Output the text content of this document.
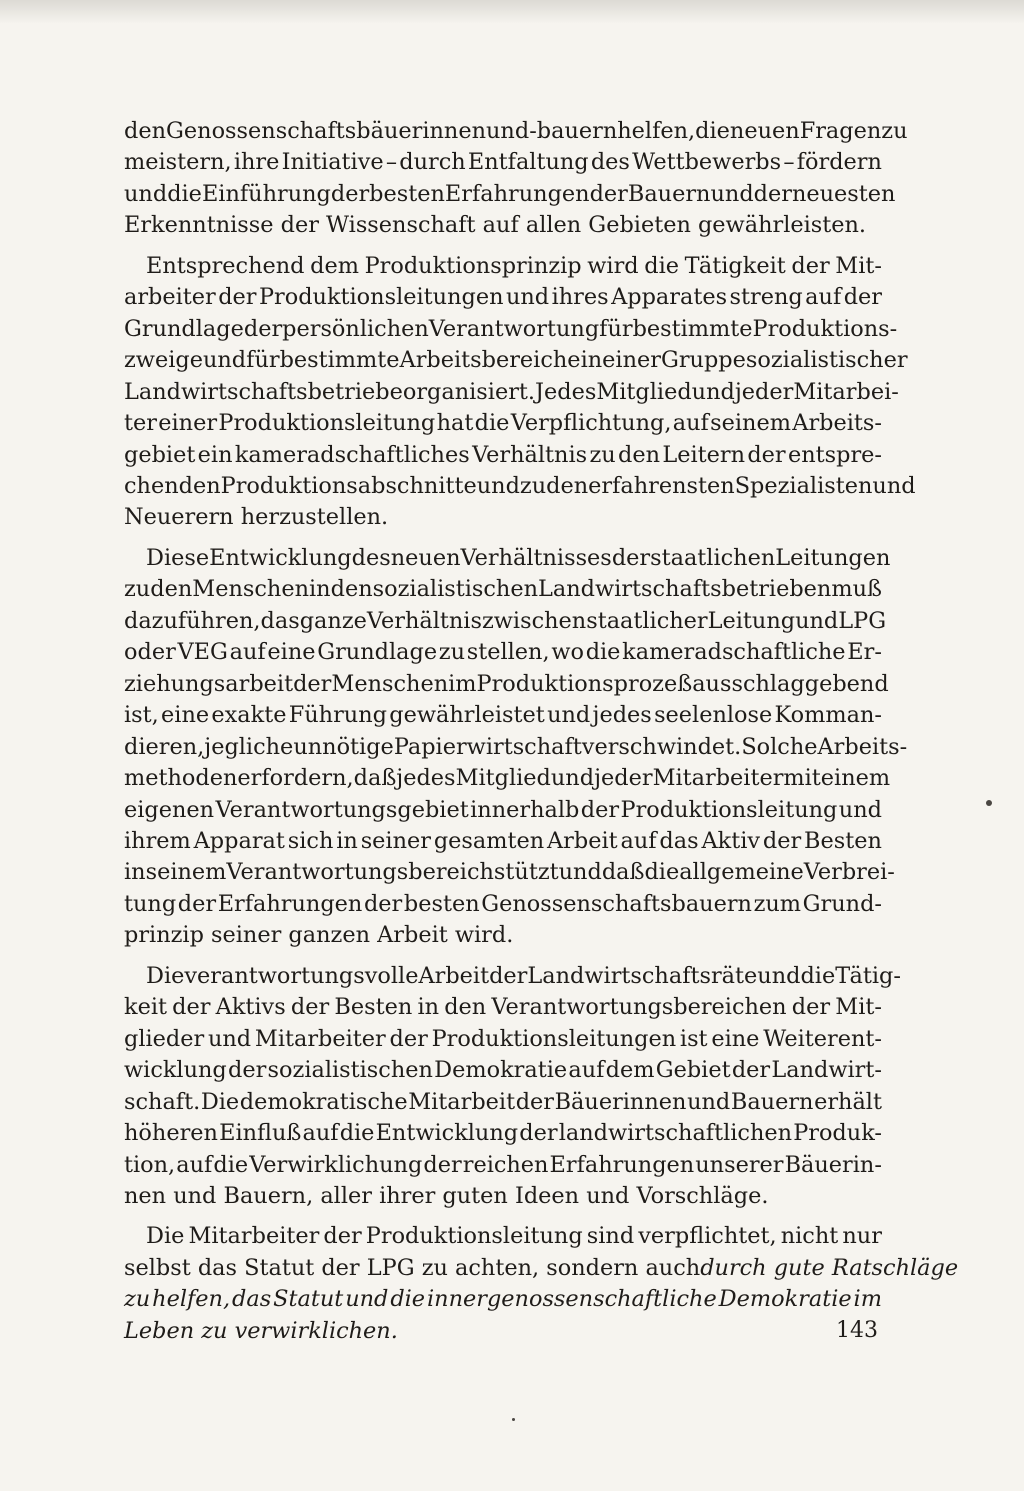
den Genossenschaftsbäuerinnen und -bauern helfen, die neuen Fragen zu
meistern, ihre Initiative – durch Entfaltung des Wettbewerbs – fördern
und die Einführung der besten Erfahrungen der Bauern und der neuesten
Erkenntnisse der Wissenschaft auf allen Gebieten gewährleisten.
Entsprechend dem Produktionsprinzip wird die Tätigkeit der Mit-
arbeiter der Produktionsleitungen und ihres Apparates streng auf der
Grundlage der persönlichen Verantwortung für bestimmte Produktions-
zweige und für bestimmte Arbeitsbereiche in einer Gruppe sozialistischer
Landwirtschaftsbetriebe organisiert. Jedes Mitglied und jeder Mitarbei-
ter einer Produktionsleitung hat die Verpflichtung, auf seinem Arbeits-
gebiet ein kameradschaftliches Verhältnis zu den Leitern der entspre-
chenden Produktionsabschnitte und zu den erfahrensten Spezialisten und
Neuerern herzustellen.
Diese Entwicklung des neuen Verhältnisses der staatlichen Leitungen
zu den Menschen in den sozialistischen Landwirtschaftsbetrieben muß
dazu führen, das ganze Verhältnis zwischen staatlicher Leitung und LPG
oder VEG auf eine Grundlage zu stellen, wo die kameradschaftliche Er-
ziehungsarbeit der Menschen im Produktionsprozeß ausschlaggebend
ist, eine exakte Führung gewährleistet und jedes seelenlose Komman-
dieren, jegliche unnötige Papierwirtschaft verschwindet. Solche Arbeits-
methoden erfordern, daß jedes Mitglied und jeder Mitarbeiter mit einem
eigenen Verantwortungsgebiet innerhalb der Produktionsleitung und
ihrem Apparat sich in seiner gesamten Arbeit auf das Aktiv der Besten
in seinem Verantwortungsbereich stützt und daß die allgemeine Verbrei-
tung der Erfahrungen der besten Genossenschaftsbauern zum Grund-
prinzip seiner ganzen Arbeit wird.
Die verantwortungsvolle Arbeit der Landwirtschaftsräte und die Tätig-
keit der Aktivs der Besten in den Verantwortungsbereichen der Mit-
glieder und Mitarbeiter der Produktionsleitungen ist eine Weiterent-
wicklung der sozialistischen Demokratie auf dem Gebiet der Landwirt-
schaft. Die demokratische Mitarbeit der Bäuerinnen und Bauern erhält
höheren Einfluß auf die Entwicklung der landwirtschaftlichen Produk-
tion, auf die Verwirklichung der reichen Erfahrungen unserer Bäuerin-
nen und Bauern, aller ihrer guten Ideen und Vorschläge.
Die Mitarbeiter der Produktionsleitung sind verpflichtet, nicht nur
selbst das Statut der LPG zu achten, sondern auch durch gute Ratschläge
zu helfen, das Statut und die innergenossenschaftliche Demokratie im
Leben zu verwirklichen.	143
